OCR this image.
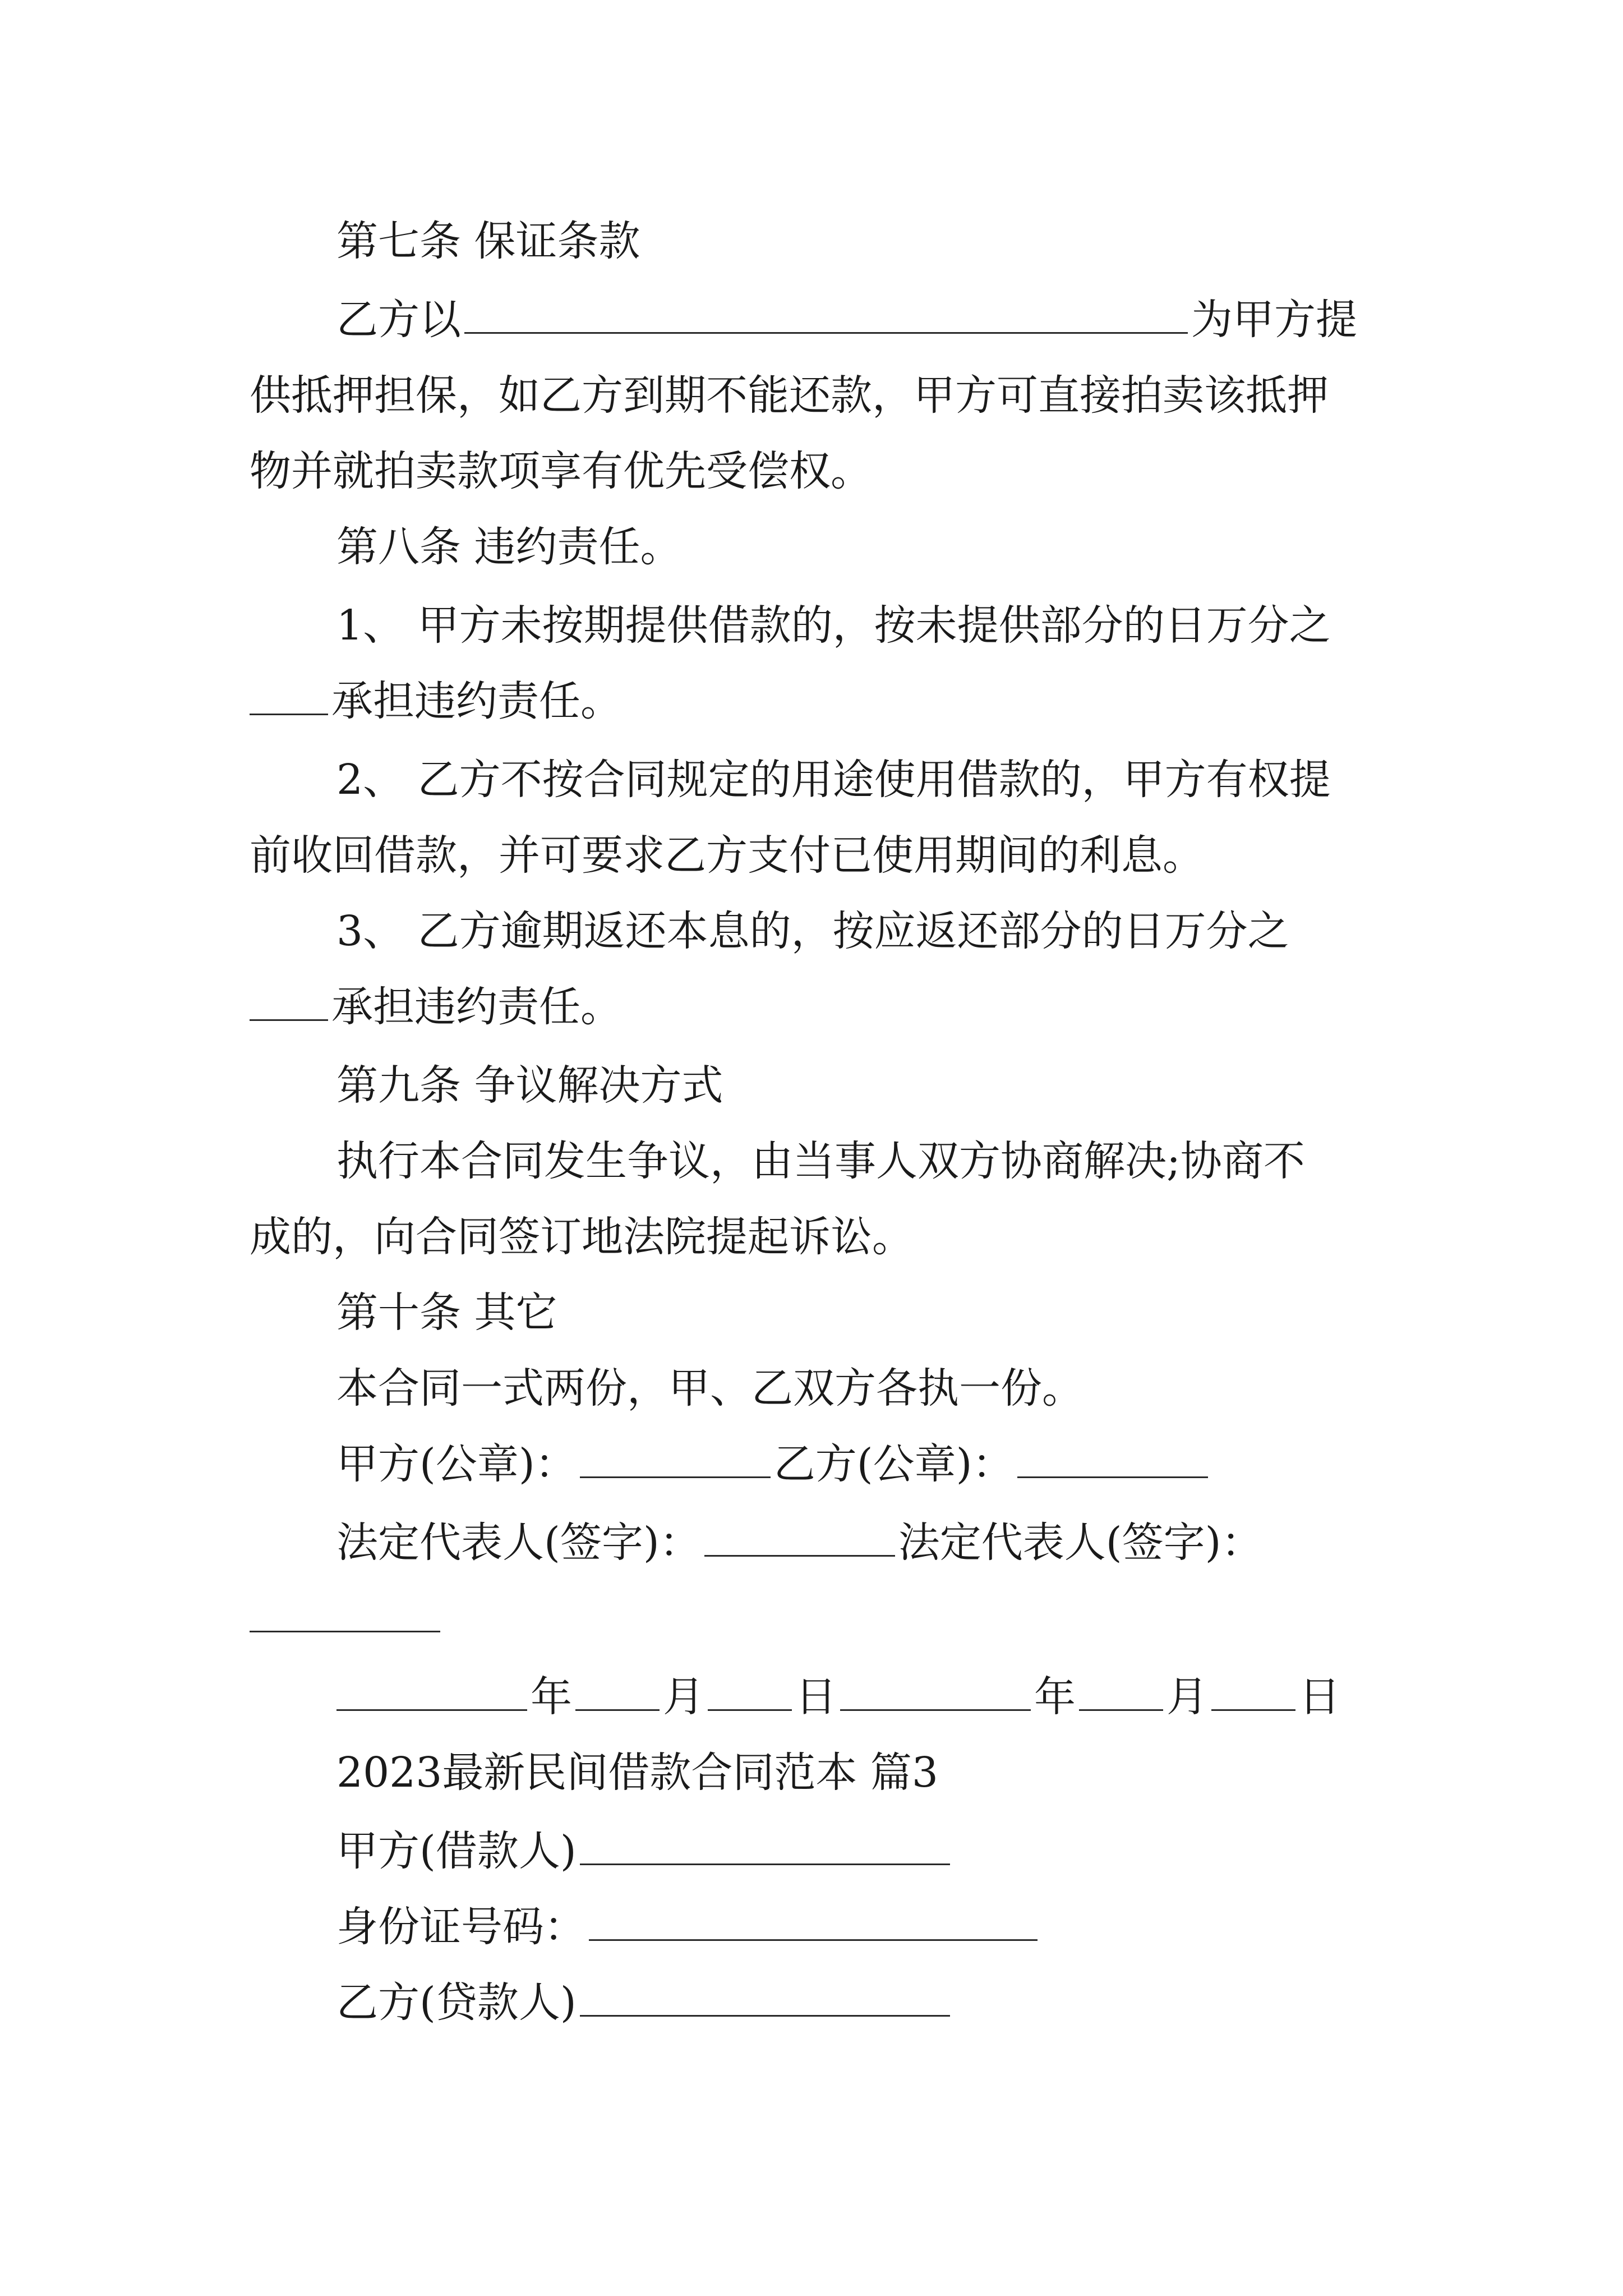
第七条 保证条款
乙方以	为甲方提
供抵押担保，如乙方到期不能还款，甲方可直接拍卖该抵押
物并就拍卖款项享有优先受偿权。
第八条 违约责任。
1、 甲方未按期提供借款的，按未提供部分的日万分之
承担违约责任。
2、 乙方不按合同规定的用途使用借款的，甲方有权提
前收回借款，并可要求乙方支付已使用期间的利息。
3、 乙方逾期返还本息的，按应返还部分的日万分之
承担违约责任。
第九条 争议解决方式
执行本合同发生争议，由当事人双方协商解决;协商不
成的，向合同签订地法院提起诉讼。
第十条 其它
本合同一式两份，甲、乙双方各执一份。
甲方(公章)：	乙方(公章)：
法定代表人(签字)：	法定代表人(签字)：
年 月 日	年 月 日
2023最新民间借款合同范本 篇3
甲方(借款人)
身份证号码：
乙方(贷款人)
